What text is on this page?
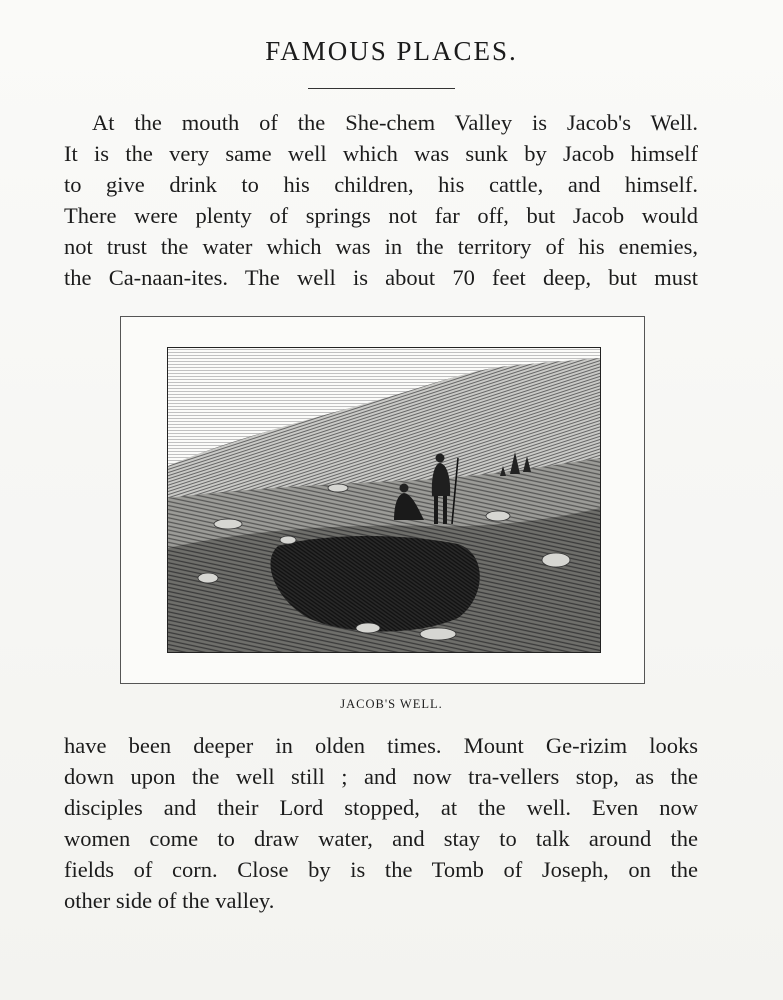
FAMOUS PLACES.

At the mouth of the She-chem Valley is Jacob's Well.
It is the very same well which was sunk by Jacob himself
to give drink to his children, his cattle, and himself.
There were plenty of springs not far off, but Jacob would
not trust the water which was in the territory of his enemies,
the Ca-naan-ites. The well is about 70 feet deep, but must

JACOB'S WELL.

have been deeper in olden times. Mount Ge-rizim looks
down upon the well still ; and now tra-vellers stop, as the
disciples and their Lord stopped, at the well. Even now
women come to draw water, and stay to talk around the
fields of corn. Close by is the Tomb of Joseph, on the
other side of the valley.
